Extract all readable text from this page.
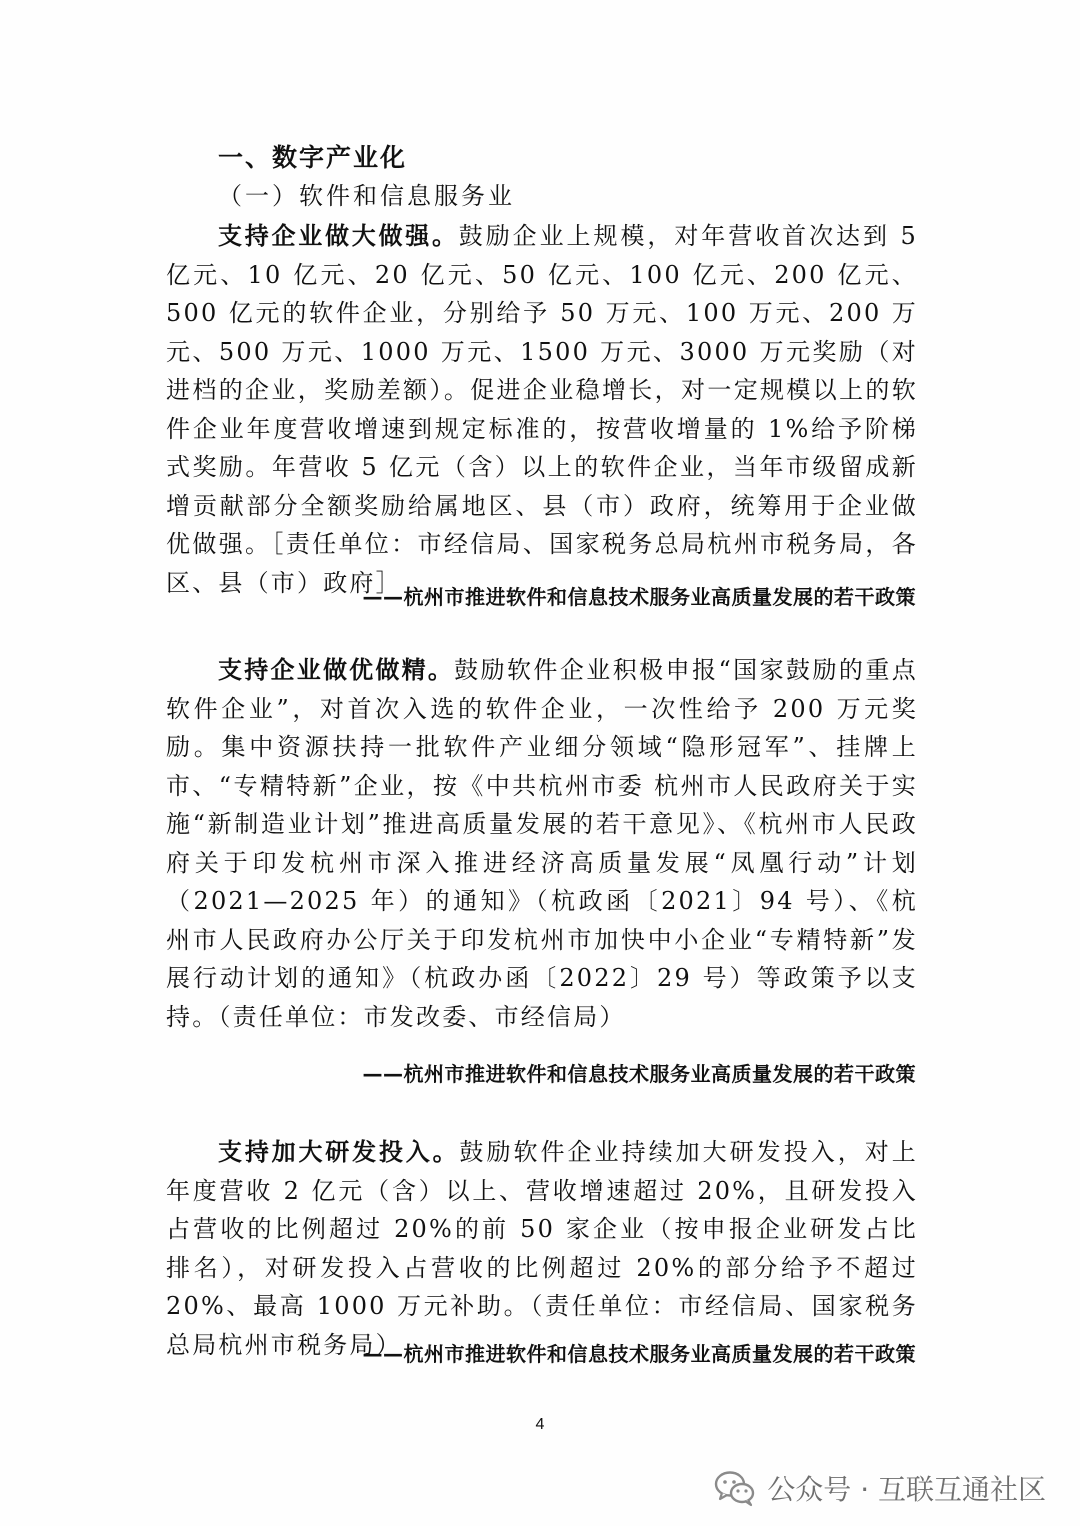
一、数字产业化
（一）软件和信息服务业

支持企业做大做强。鼓励企业上规模，对年营收首次达到 5 亿元、10 亿元、20 亿元、50 亿元、100 亿元、200 亿元、500 亿元的软件企业，分别给予 50 万元、100 万元、200 万元、500 万元、1000 万元、1500 万元、3000 万元奖励（对进档的企业，奖励差额）。促进企业稳增长，对一定规模以上的软件企业年度营收增速到规定标准的，按营收增量的 1%给予阶梯式奖励。年营收 5 亿元（含）以上的软件企业，当年市级留成新增贡献部分全额奖励给属地区、县（市）政府，统筹用于企业做优做强。［责任单位：市经信局、国家税务总局杭州市税务局，各区、县（市）政府］

——杭州市推进软件和信息技术服务业高质量发展的若干政策

支持企业做优做精。鼓励软件企业积极申报“国家鼓励的重点软件企业”，对首次入选的软件企业，一次性给予 200 万元奖励。集中资源扶持一批软件产业细分领域“隐形冠军”、挂牌上市、“专精特新”企业，按《中共杭州市委 杭州市人民政府关于实施“新制造业计划”推进高质量发展的若干意见》、《杭州市人民政府关于印发杭州市深入推进经济高质量发展“凤凰行动”计划（2021—2025 年）的通知》（杭政函〔2021〕94 号）、《杭州市人民政府办公厅关于印发杭州市加快中小企业“专精特新”发展行动计划的通知》（杭政办函〔2022〕29 号）等政策予以支持。（责任单位：市发改委、市经信局）

——杭州市推进软件和信息技术服务业高质量发展的若干政策

支持加大研发投入。鼓励软件企业持续加大研发投入，对上年度营收 2 亿元（含）以上、营收增速超过 20%，且研发投入占营收的比例超过 20%的前 50 家企业（按申报企业研发占比排名），对研发投入占营收的比例超过 20%的部分给予不超过 20%、最高 1000 万元补助。（责任单位：市经信局、国家税务总局杭州市税务局）

——杭州市推进软件和信息技术服务业高质量发展的若干政策
4
公众号 · 互联互通社区
